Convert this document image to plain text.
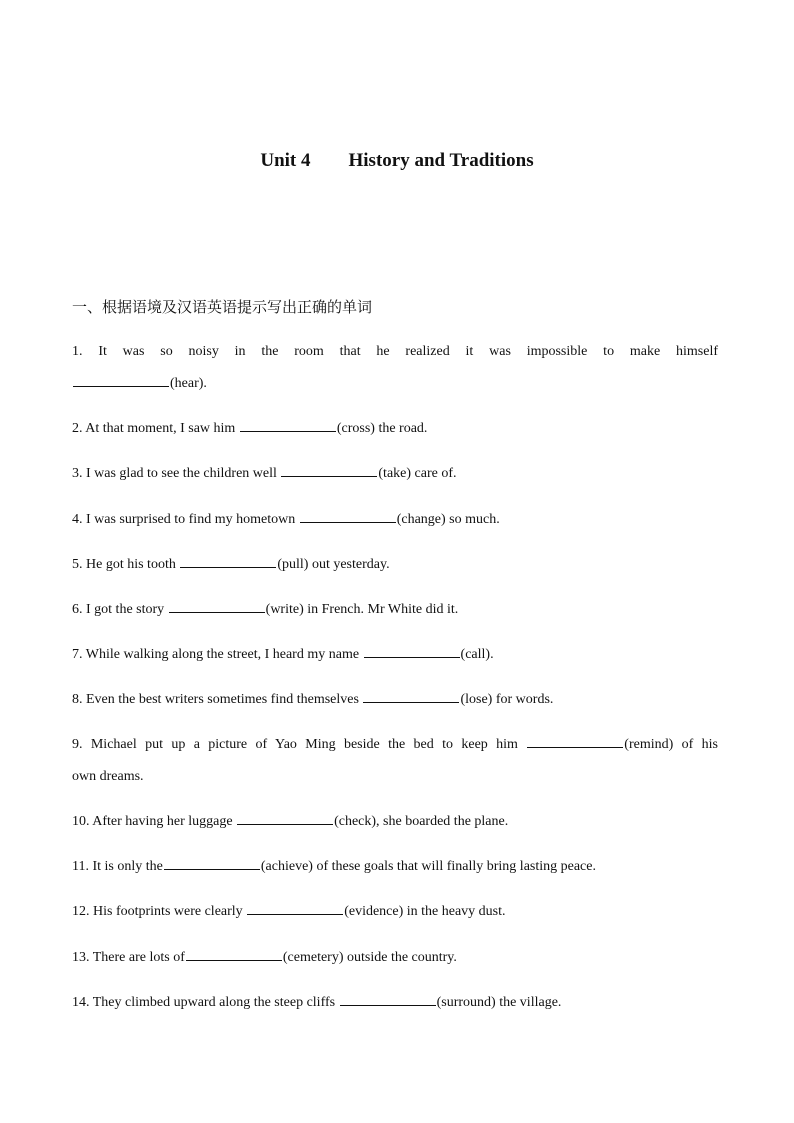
Unit 4        History and Traditions
一、根据语境及汉语英语提示写出正确的单词
1. It was so noisy in the room that he realized it was impossible to make himself
(hear).
2. At that moment, I saw him	(cross) the road.
3. I was glad to see the children well	(take) care of.
4. I was surprised to find my hometown	(change) so much.
5. He got his tooth	(pull) out yesterday.
6. I got the story	(write) in French. Mr White did it.
7. While walking along the street, I heard my name	(call).
8. Even the best writers sometimes find themselves	(lose) for words.
9. Michael put up a picture of Yao Ming beside the bed to keep him	(remind) of his
own dreams.
10. After having her luggage	(check), she boarded the plane.
11. It is only the	(achieve) of these goals that will finally bring lasting peace.
12. His footprints were clearly	(evidence) in the heavy dust.
13. There are lots of	(cemetery) outside the country.
14. They climbed upward along the steep cliffs	(surround) the village.
